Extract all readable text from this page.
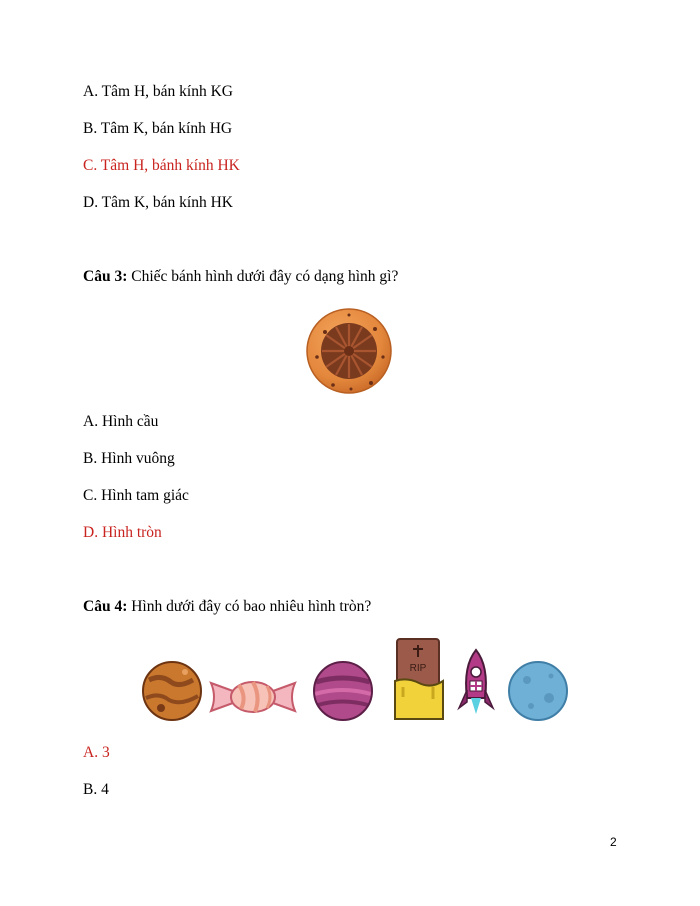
A. Tâm H, bán kính KG
B. Tâm K, bán kính HG
C. Tâm H, bánh kính HK
D. Tâm K, bán kính HK
Câu 3: Chiếc bánh hình dưới đây có dạng hình gì?
A. Hình cầu
B. Hình vuông
C. Hình tam giác
D. Hình tròn
Câu 4: Hình dưới đây có bao nhiêu hình tròn?
RIP
A. 3
B. 4
2
